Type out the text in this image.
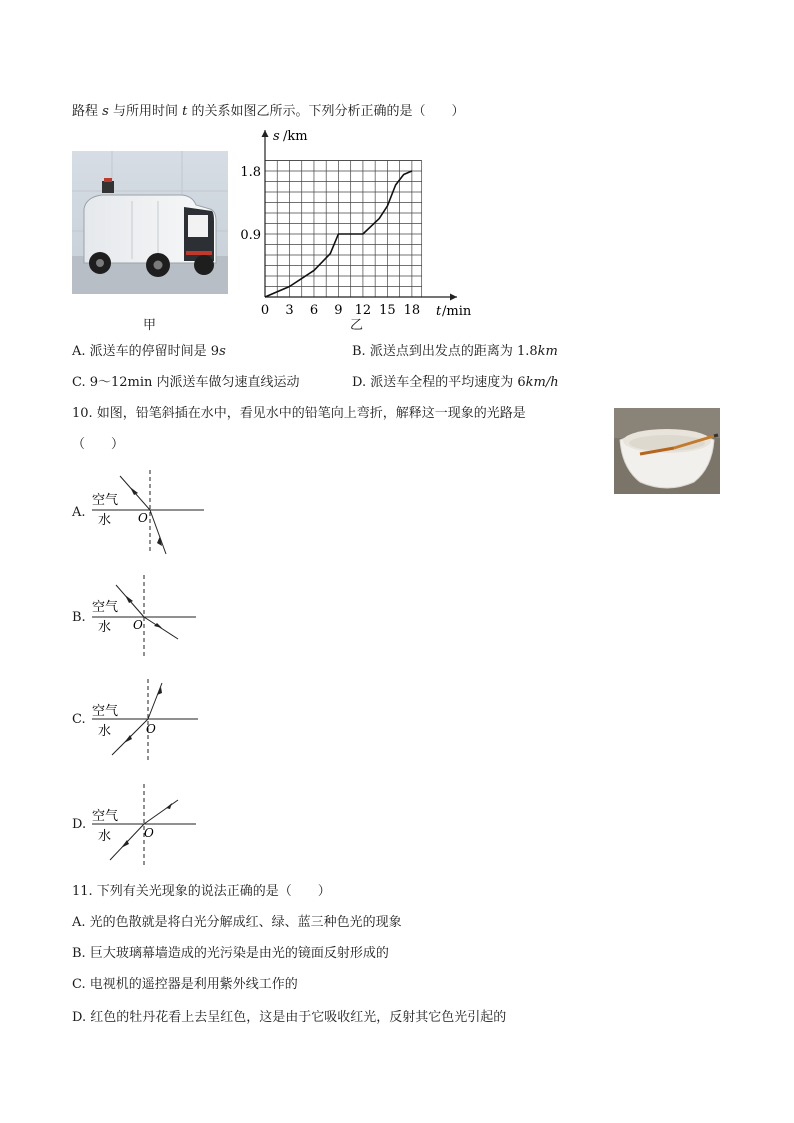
路程 s 与所用时间 t 的关系如图乙所示。下列分析正确的是（　　）
甲
s /km
t /min
0 3 6 9 12 15 18
0.9
1.8
乙
A. 派送车的停留时间是 9s	B. 派送点到出发点的距离为 1.8km
C. 9～12min 内派送车做匀速直线运动	D. 派送车全程的平均速度为 6km/h
10. 如图，铅笔斜插在水中，看见水中的铅笔向上弯折，解释这一现象的光路是
（　　）
A.
空气
水 O
B.
空气
水 O
C.
空气
水	O
D.
空气
水	O
11. 下列有关光现象的说法正确的是（　　）
A. 光的色散就是将白光分解成红、绿、蓝三种色光的现象
B. 巨大玻璃幕墙造成的光污染是由光的镜面反射形成的
C. 电视机的遥控器是利用紫外线工作的
D. 红色的牡丹花看上去呈红色，这是由于它吸收红光，反射其它色光引起的
